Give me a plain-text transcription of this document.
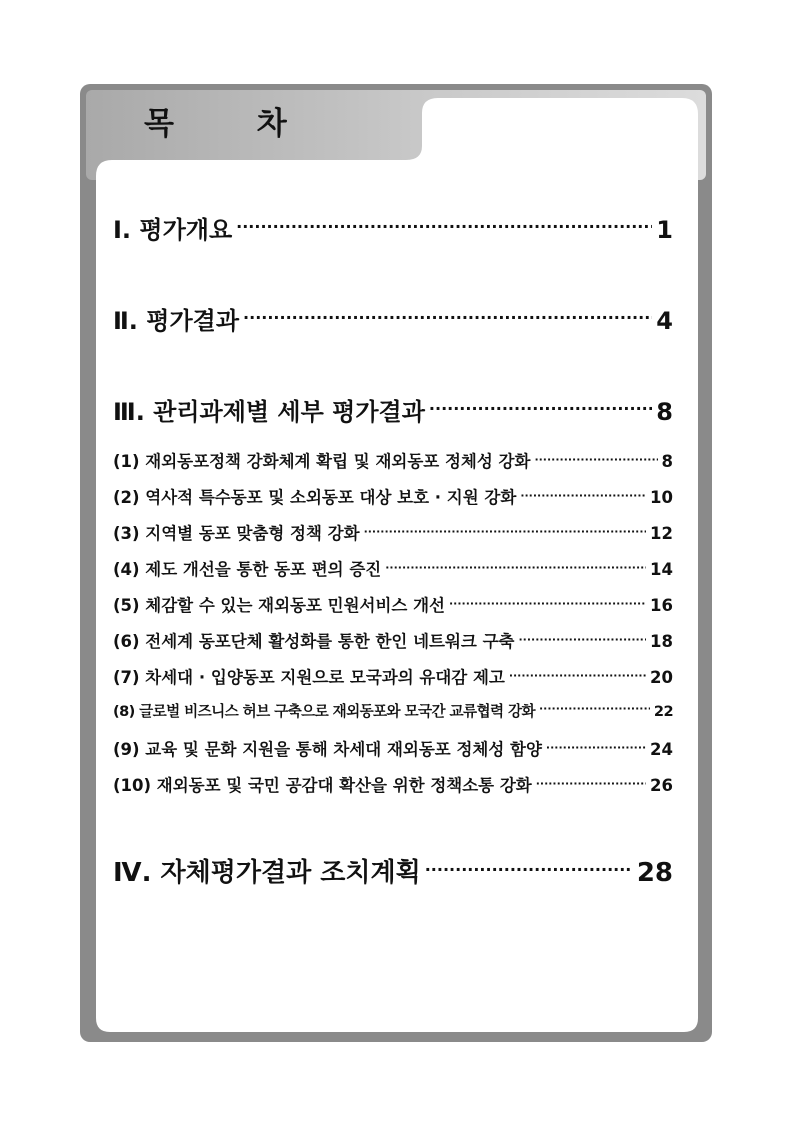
목 차
Ⅰ. 평가개요 ·····	1
Ⅱ. 평가결과 ·····	4
Ⅲ. 관리과제별 세부 평가결과 ·····	8
(1) 재외동포정책 강화체계 확립 및 재외동포 정체성 강화 ·····	8
(2) 역사적 특수동포 및 소외동포 대상 보호 · 지원 강화 ·····	10
(3) 지역별 동포 맞춤형 정책 강화 ·····	12
(4) 제도 개선을 통한 동포 편의 증진 ·····	14
(5) 체감할 수 있는 재외동포 민원서비스 개선 ·····	16
(6) 전세계 동포단체 활성화를 통한 한인 네트워크 구축 ·····	18
(7) 차세대 · 입양동포 지원으로 모국과의 유대감 제고 ·····	20
(8) 글로벌 비즈니스 허브 구축으로 재외동포와 모국간 교류협력 강화 ·····	22
(9) 교육 및 문화 지원을 통해 차세대 재외동포 정체성 함양 ·····	24
(10) 재외동포 및 국민 공감대 확산을 위한 정책소통 강화 ·····	26
Ⅳ. 자체평가결과 조치계획 ·····	28
